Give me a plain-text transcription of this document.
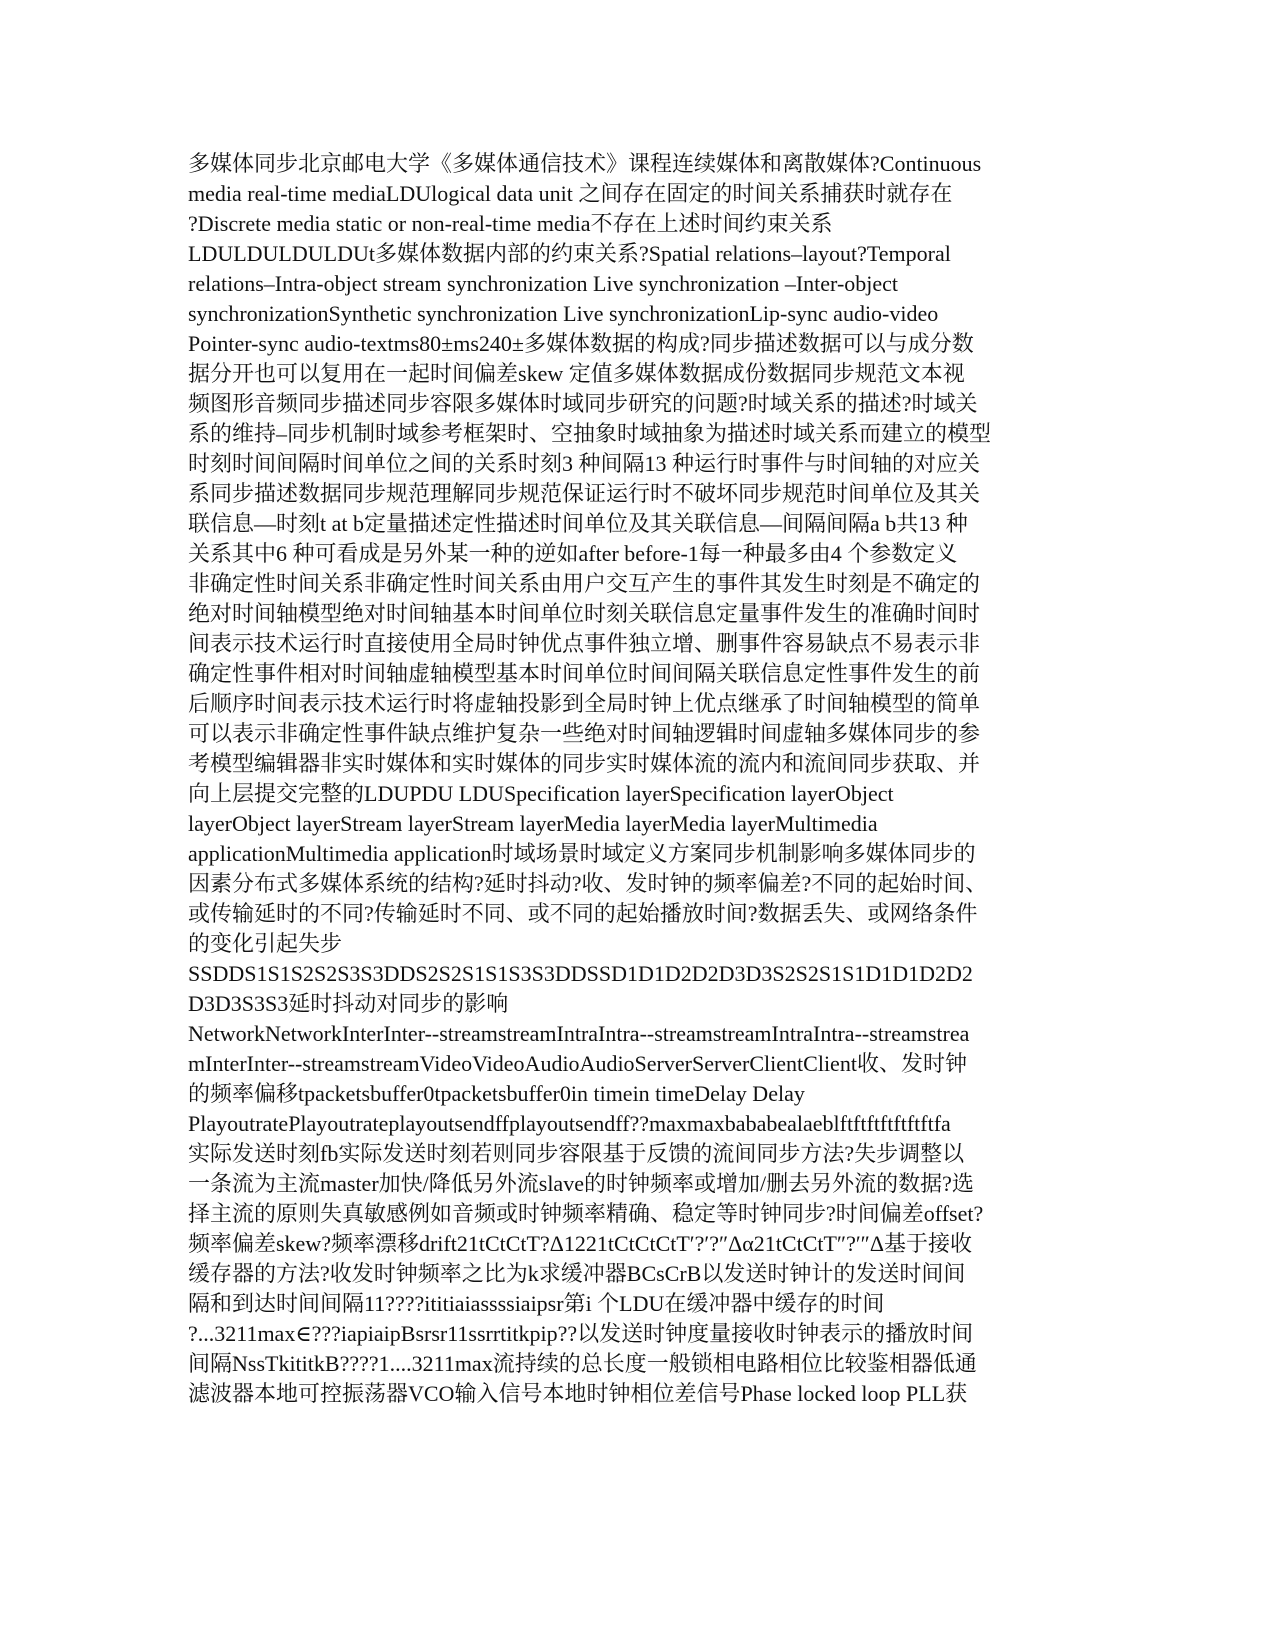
多媒体同步北京邮电大学《多媒体通信技术》课程连续媒体和离散媒体?Continuous
media real-time mediaLDUlogical data unit 之间存在固定的时间关系捕获时就存在
?Discrete media static or non-real-time media不存在上述时间约束关系
LDULDULDULDUt多媒体数据内部的约束关系?Spatial relations–layout?Temporal
relations–Intra-object stream synchronization Live synchronization –Inter-object
synchronizationSynthetic synchronization Live synchronizationLip-sync audio-video
Pointer-sync audio-textms80±ms240±多媒体数据的构成?同步描述数据可以与成分数
据分开也可以复用在一起时间偏差skew 定值多媒体数据成份数据同步规范文本视
频图形音频同步描述同步容限多媒体时域同步研究的问题?时域关系的描述?时域关
系的维持–同步机制时域参考框架时、空抽象时域抽象为描述时域关系而建立的模型
时刻时间间隔时间单位之间的关系时刻3 种间隔13 种运行时事件与时间轴的对应关
系同步描述数据同步规范理解同步规范保证运行时不破坏同步规范时间单位及其关
联信息—时刻t at b定量描述定性描述时间单位及其关联信息—间隔间隔a b共13 种
关系其中6 种可看成是另外某一种的逆如after before-1每一种最多由4 个参数定义
非确定性时间关系非确定性时间关系由用户交互产生的事件其发生时刻是不确定的
绝对时间轴模型绝对时间轴基本时间单位时刻关联信息定量事件发生的准确时间时
间表示技术运行时直接使用全局时钟优点事件独立增、删事件容易缺点不易表示非
确定性事件相对时间轴虚轴模型基本时间单位时间间隔关联信息定性事件发生的前
后顺序时间表示技术运行时将虚轴投影到全局时钟上优点继承了时间轴模型的简单
可以表示非确定性事件缺点维护复杂一些绝对时间轴逻辑时间虚轴多媒体同步的参
考模型编辑器非实时媒体和实时媒体的同步实时媒体流的流内和流间同步获取、并
向上层提交完整的LDUPDU LDUSpecification layerSpecification layerObject
layerObject layerStream layerStream layerMedia layerMedia layerMultimedia
applicationMultimedia application时域场景时域定义方案同步机制影响多媒体同步的
因素分布式多媒体系统的结构?延时抖动?收、发时钟的频率偏差?不同的起始时间、
或传输延时的不同?传输延时不同、或不同的起始播放时间?数据丢失、或网络条件
的变化引起失步
SSDDS1S1S2S2S3S3DDS2S2S1S1S3S3DDSSD1D1D2D2D3D3S2S2S1S1D1D1D2D2
D3D3S3S3延时抖动对同步的影响
NetworkNetworkInterInter--streamstreamIntraIntra--streamstreamIntraIntra--streamstrea
mInterInter--streamstreamVideoVideoAudioAudioServerServerClientClient收、发时钟
的频率偏移tpacketsbuffer0tpacketsbuffer0in timein timeDelay Delay
PlayoutratePlayoutrateplayoutsendffplayoutsendff??maxmaxbababealaeblftftftftftftftfa
实际发送时刻fb实际发送时刻若则同步容限基于反馈的流间同步方法?失步调整以
一条流为主流master加快/降低另外流slave的时钟频率或增加/删去另外流的数据?选
择主流的原则失真敏感例如音频或时钟频率精确、稳定等时钟同步?时间偏差offset?
频率偏差skew?频率漂移drift21tCtCtT?Δ1221tCtCtCtT′?′?″Δα21tCtCtT″?′″Δ基于接收
缓存器的方法?收发时钟频率之比为k求缓冲器BCsCrB以发送时钟计的发送时间间
隔和到达时间间隔11????ititiaiassssiaipsr第i 个LDU在缓冲器中缓存的时间
?...3211max∈???iapiaipBsrsr11ssrrtitkpip??以发送时钟度量接收时钟表示的播放时间
间隔NssTkititkB????1....3211max流持续的总长度一般锁相电路相位比较鉴相器低通
滤波器本地可控振荡器VCO输入信号本地时钟相位差信号Phase locked loop PLL获
